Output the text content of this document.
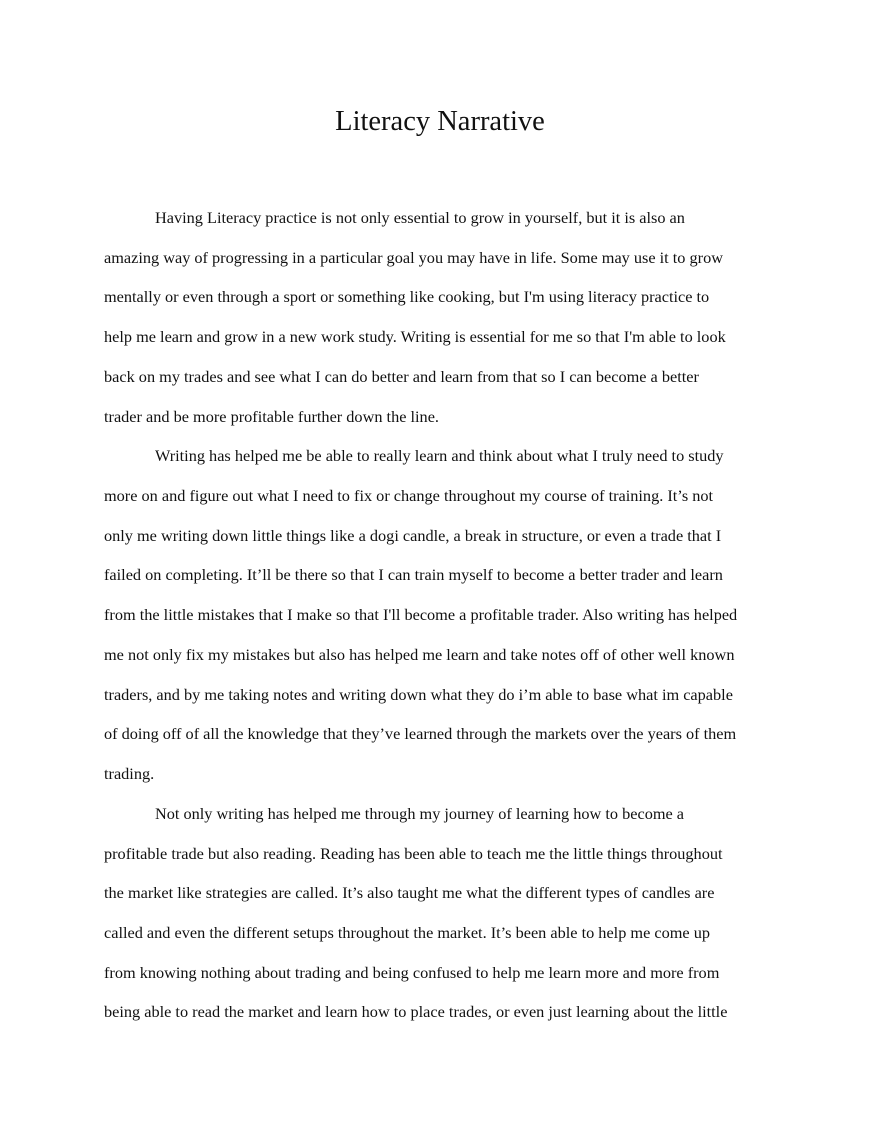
Literacy Narrative
Having Literacy practice is not only essential to grow in yourself, but it is also an
amazing way of progressing in a particular goal you may have in life. Some may use it to grow
mentally or even through a sport or something like cooking, but I'm using literacy practice to
help me learn and grow in a new work study. Writing is essential for me so that I'm able to look
back on my trades and see what I can do better and learn from that so I can become a better
trader and be more profitable further down the line.
Writing has helped me be able to really learn and think about what I truly need to study
more on and figure out what I need to fix or change throughout my course of training. It’s not
only me writing down little things like a dogi candle, a break in structure, or even a trade that I
failed on completing. It’ll be there so that I can train myself to become a better trader and learn
from the little mistakes that I make so that I'll become a profitable trader. Also writing has helped
me not only fix my mistakes but also has helped me learn and take notes off of other well known
traders, and by me taking notes and writing down what they do i’m able to base what im capable
of doing off of all the knowledge that they’ve learned through the markets over the years of them
trading.
Not only writing has helped me through my journey of learning how to become a
profitable trade but also reading. Reading has been able to teach me the little things throughout
the market like strategies are called. It’s also taught me what the different types of candles are
called and even the different setups throughout the market. It’s been able to help me come up
from knowing nothing about trading and being confused to help me learn more and more from
being able to read the market and learn how to place trades, or even just learning about the little
